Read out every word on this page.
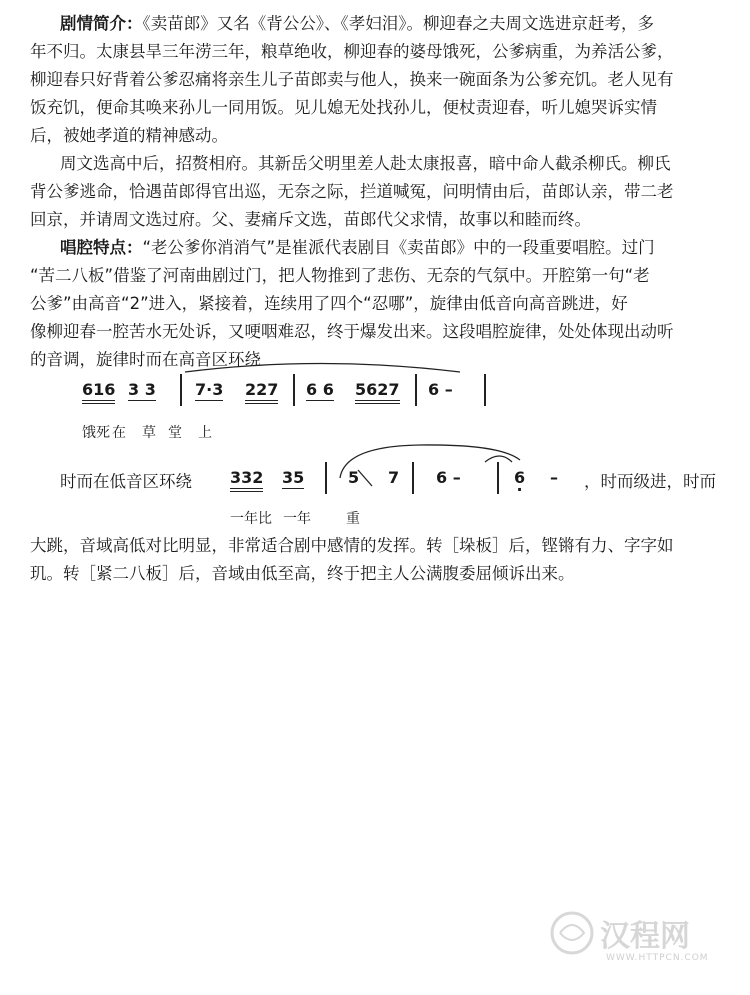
剧情简介：《卖苗郎》又名《背公公》、《孝妇泪》。柳迎春之夫周文选进京赶考，多
年不归。太康县旱三年涝三年，粮草绝收，柳迎春的婆母饿死，公爹病重，为养活公爹，
柳迎春只好背着公爹忍痛将亲生儿子苗郎卖与他人，换来一碗面条为公爹充饥。老人见有
饭充饥，便命其唤来孙儿一同用饭。见儿媳无处找孙儿，便杖责迎春，听儿媳哭诉实情
后，被她孝道的精神感动。
周文选高中后，招赘相府。其新岳父明里差人赴太康报喜，暗中命人截杀柳氏。柳氏
背公爹逃命，恰遇苗郎得官出巡，无奈之际，拦道喊冤，问明情由后，苗郎认亲，带二老
回京，并请周文选过府。父、妻痛斥文选，苗郎代父求情，故事以和睦而终。
唱腔特点：“老公爹你消消气”是崔派代表剧目《卖苗郎》中的一段重要唱腔。过门
“苦二八板”借鉴了河南曲剧过门，把人物推到了悲伤、无奈的气氛中。开腔第一句“老
公爹”由高音“2”进入，紧接着，连续用了四个“忍哪”，旋律由低音向高音跳进，好
像柳迎春一腔苦水无处诉，又哽咽难忍，终于爆发出来。这段唱腔旋律，处处体现出动听
的音调，旋律时而在高音区环绕
616 3 3 7·3 227 6 6 5627 6 –
饿死 在 草 堂 上
时而在低音区环绕 332 35	5 7 6 –	6 · – ，时而级进，时而
一年比 一年	重
大跳，音域高低对比明显，非常适合剧中感情的发挥。转［垛板］后，铿锵有力、字字如
玑。转［紧二八板］后，音域由低至高，终于把主人公满腹委屈倾诉出来。
汉程网
WWW.HTTPCN.COM
